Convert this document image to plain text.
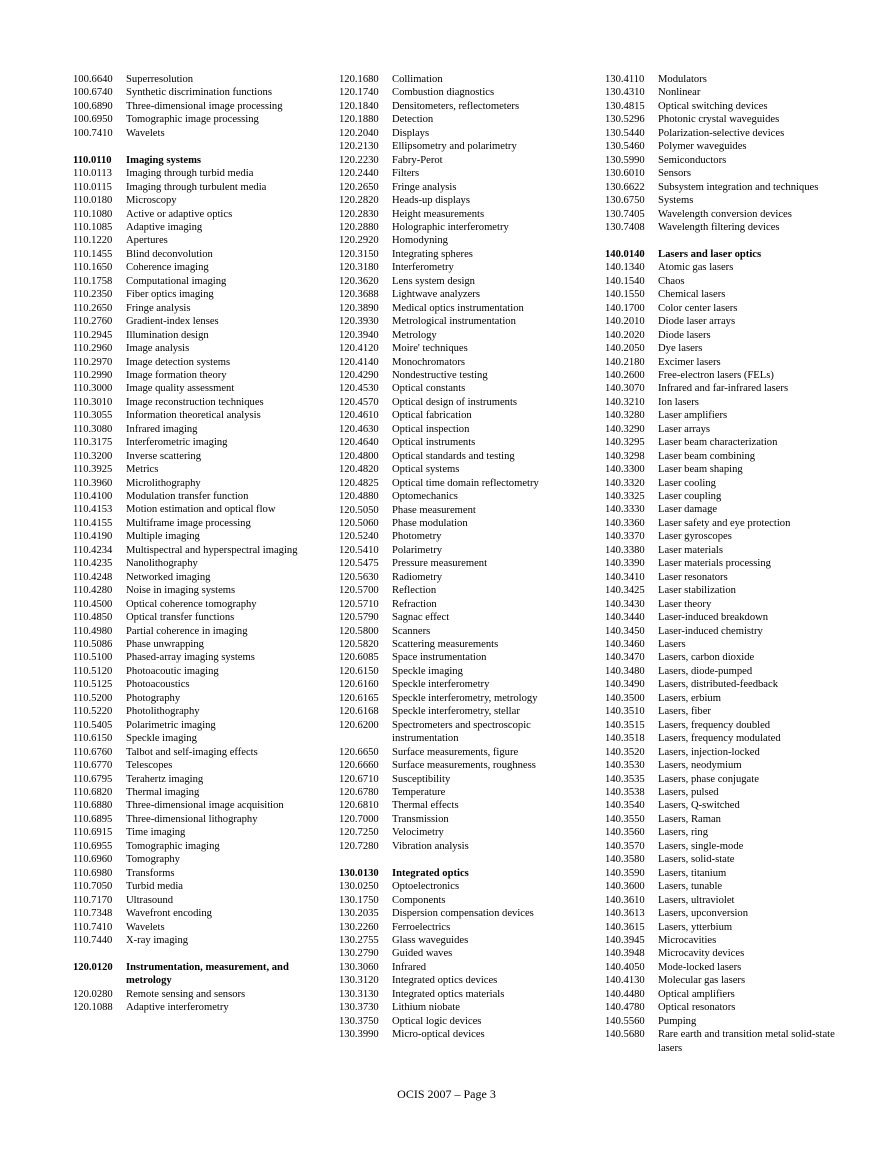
100.6640	Superresolution
100.6740	Synthetic discrimination functions
100.6890	Three-dimensional image processing
100.6950	Tomographic image processing
100.7410	Wavelets
110.0110	Imaging systems
110.0113	Imaging through turbid media
110.0115	Imaging through turbulent media
110.0180	Microscopy
110.1080	Active or adaptive optics
110.1085	Adaptive imaging
110.1220	Apertures
110.1455	Blind deconvolution
110.1650	Coherence imaging
110.1758	Computational imaging
110.2350	Fiber optics imaging
110.2650	Fringe analysis
110.2760	Gradient-index lenses
110.2945	Illumination design
110.2960	Image analysis
110.2970	Image detection systems
110.2990	Image formation theory
110.3000	Image quality assessment
110.3010	Image reconstruction techniques
110.3055	Information theoretical analysis
110.3080	Infrared imaging
110.3175	Interferometric imaging
110.3200	Inverse scattering
110.3925	Metrics
110.3960	Microlithography
110.4100	Modulation transfer function
110.4153	Motion estimation and optical flow
110.4155	Multiframe image processing
110.4190	Multiple imaging
110.4234	Multispectral and hyperspectral imaging
110.4235	Nanolithography
110.4248	Networked imaging
110.4280	Noise in imaging systems
110.4500	Optical coherence tomography
110.4850	Optical transfer functions
110.4980	Partial coherence in imaging
110.5086	Phase unwrapping
110.5100	Phased-array imaging systems
110.5120	Photoacoutic imaging
110.5125	Photoacoustics
110.5200	Photography
110.5220	Photolithography
110.5405	Polarimetric imaging
110.6150	Speckle imaging
110.6760	Talbot and self-imaging effects
110.6770	Telescopes
110.6795	Terahertz imaging
110.6820	Thermal imaging
110.6880	Three-dimensional image acquisition
110.6895	Three-dimensional lithography
110.6915	Time imaging
110.6955	Tomographic imaging
110.6960	Tomography
110.6980	Transforms
110.7050	Turbid media
110.7170	Ultrasound
110.7348	Wavefront encoding
110.7410	Wavelets
110.7440	X-ray imaging
120.0120	Instrumentation, measurement, and metrology
120.0280	Remote sensing and sensors
120.1088	Adaptive interferometry
120.1680	Collimation
120.1740	Combustion diagnostics
120.1840	Densitometers, reflectometers
120.1880	Detection
120.2040	Displays
120.2130	Ellipsometry and polarimetry
120.2230	Fabry-Perot
120.2440	Filters
120.2650	Fringe analysis
120.2820	Heads-up displays
120.2830	Height measurements
120.2880	Holographic interferometry
120.2920	Homodyning
120.3150	Integrating spheres
120.3180	Interferometry
120.3620	Lens system design
120.3688	Lightwave analyzers
120.3890	Medical optics instrumentation
120.3930	Metrological instrumentation
120.3940	Metrology
120.4120	Moire' techniques
120.4140	Monochromators
120.4290	Nondestructive testing
120.4530	Optical constants
120.4570	Optical design of instruments
120.4610	Optical fabrication
120.4630	Optical inspection
120.4640	Optical instruments
120.4800	Optical standards and testing
120.4820	Optical systems
120.4825	Optical time domain reflectometry
120.4880	Optomechanics
120.5050	Phase measurement
120.5060	Phase modulation
120.5240	Photometry
120.5410	Polarimetry
120.5475	Pressure measurement
120.5630	Radiometry
120.5700	Reflection
120.5710	Refraction
120.5790	Sagnac effect
120.5800	Scanners
120.5820	Scattering measurements
120.6085	Space instrumentation
120.6150	Speckle imaging
120.6160	Speckle interferometry
120.6165	Speckle interferometry, metrology
120.6168	Speckle interferometry, stellar
120.6200	Spectrometers and spectroscopic instrumentation
120.6650	Surface measurements, figure
120.6660	Surface measurements, roughness
120.6710	Susceptibility
120.6780	Temperature
120.6810	Thermal effects
120.7000	Transmission
120.7250	Velocimetry
120.7280	Vibration analysis
130.0130	Integrated optics
130.0250	Optoelectronics
130.1750	Components
130.2035	Dispersion compensation devices
130.2260	Ferroelectrics
130.2755	Glass waveguides
130.2790	Guided waves
130.3060	Infrared
130.3120	Integrated optics devices
130.3130	Integrated optics materials
130.3730	Lithium niobate
130.3750	Optical logic devices
130.3990	Micro-optical devices
130.4110	Modulators
130.4310	Nonlinear
130.4815	Optical switching devices
130.5296	Photonic crystal waveguides
130.5440	Polarization-selective devices
130.5460	Polymer waveguides
130.5990	Semiconductors
130.6010	Sensors
130.6622	Subsystem integration and techniques
130.6750	Systems
130.7405	Wavelength conversion devices
130.7408	Wavelength filtering devices
140.0140	Lasers and laser optics
140.1340	Atomic gas lasers
140.1540	Chaos
140.1550	Chemical lasers
140.1700	Color center lasers
140.2010	Diode laser arrays
140.2020	Diode lasers
140.2050	Dye lasers
140.2180	Excimer lasers
140.2600	Free-electron lasers (FELs)
140.3070	Infrared and far-infrared lasers
140.3210	Ion lasers
140.3280	Laser amplifiers
140.3290	Laser arrays
140.3295	Laser beam characterization
140.3298	Laser beam combining
140.3300	Laser beam shaping
140.3320	Laser cooling
140.3325	Laser coupling
140.3330	Laser damage
140.3360	Laser safety and eye protection
140.3370	Laser gyroscopes
140.3380	Laser materials
140.3390	Laser materials processing
140.3410	Laser resonators
140.3425	Laser stabilization
140.3430	Laser theory
140.3440	Laser-induced breakdown
140.3450	Laser-induced chemistry
140.3460	Lasers
140.3470	Lasers, carbon dioxide
140.3480	Lasers, diode-pumped
140.3490	Lasers, distributed-feedback
140.3500	Lasers, erbium
140.3510	Lasers, fiber
140.3515	Lasers, frequency doubled
140.3518	Lasers, frequency modulated
140.3520	Lasers, injection-locked
140.3530	Lasers, neodymium
140.3535	Lasers, phase conjugate
140.3538	Lasers, pulsed
140.3540	Lasers, Q-switched
140.3550	Lasers, Raman
140.3560	Lasers, ring
140.3570	Lasers, single-mode
140.3580	Lasers, solid-state
140.3590	Lasers, titanium
140.3600	Lasers, tunable
140.3610	Lasers, ultraviolet
140.3613	Lasers, upconversion
140.3615	Lasers, ytterbium
140.3945	Microcavities
140.3948	Microcavity devices
140.4050	Mode-locked lasers
140.4130	Molecular gas lasers
140.4480	Optical amplifiers
140.4780	Optical resonators
140.5560	Pumping
140.5680	Rare earth and transition metal solid-state lasers
OCIS 2007 – Page 3
